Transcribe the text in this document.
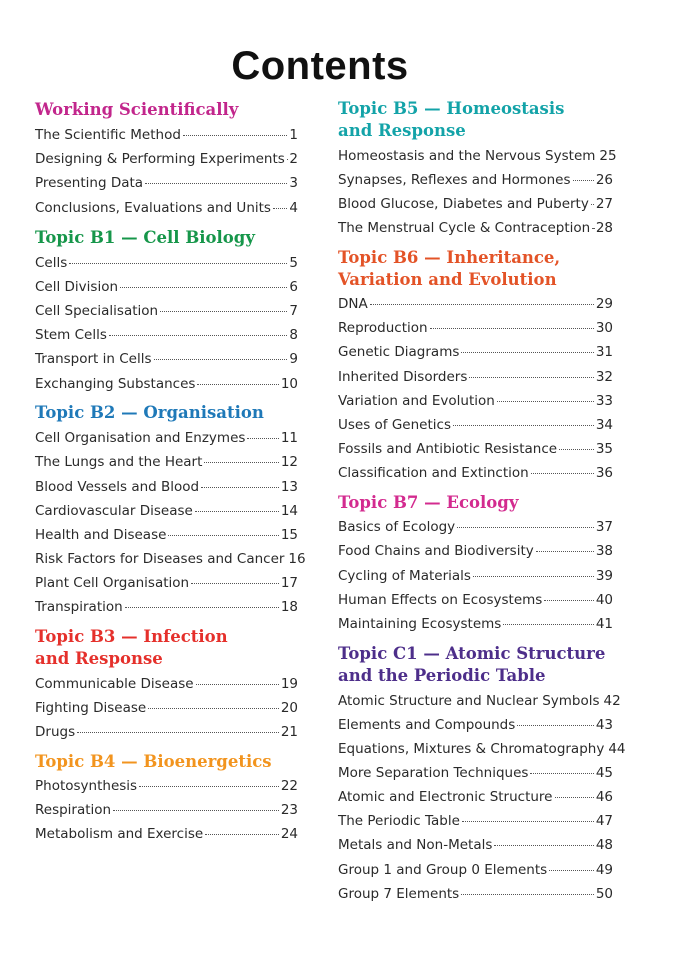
Contents
Working Scientifically
The Scientific Method	1
Designing & Performing Experiments 2
Presenting Data	3
Conclusions, Evaluations and Units 4
Topic B1 — Cell Biology
Cells	5
Cell Division	6
Cell Specialisation	7
Stem Cells	8
Transport in Cells	9
Exchanging Substances	10
Topic B2 — Organisation
Cell Organisation and Enzymes	11
The Lungs and the Heart	12
Blood Vessels and Blood	13
Cardiovascular Disease	14
Health and Disease	15
Risk Factors for Diseases and Cancer 16
Plant Cell Organisation	17
Transpiration	18
Topic B3 — Infection
and Response
Communicable Disease	19
Fighting Disease	20
Drugs	21
Topic B4 — Bioenergetics
Photosynthesis	22
Respiration	23
Metabolism and Exercise	24
Topic B5 — Homeostasis
and Response
Homeostasis and the Nervous System 25
Synapses, Reflexes and Hormones 26
Blood Glucose, Diabetes and Puberty 27
The Menstrual Cycle & Contraception 28
Topic B6 — Inheritance,
Variation and Evolution
DNA	29
Reproduction	30
Genetic Diagrams	31
Inherited Disorders	32
Variation and Evolution	33
Uses of Genetics	34
Fossils and Antibiotic Resistance	35
Classification and Extinction	36
Topic B7 — Ecology
Basics of Ecology	37
Food Chains and Biodiversity	38
Cycling of Materials	39
Human Effects on Ecosystems	40
Maintaining Ecosystems	41
Topic C1 — Atomic Structure
and the Periodic Table
Atomic Structure and Nuclear Symbols 42
Elements and Compounds	43
Equations, Mixtures & Chromatography 44
More Separation Techniques	45
Atomic and Electronic Structure	46
The Periodic Table	47
Metals and Non-Metals	48
Group 1 and Group 0 Elements	49
Group 7 Elements	50
